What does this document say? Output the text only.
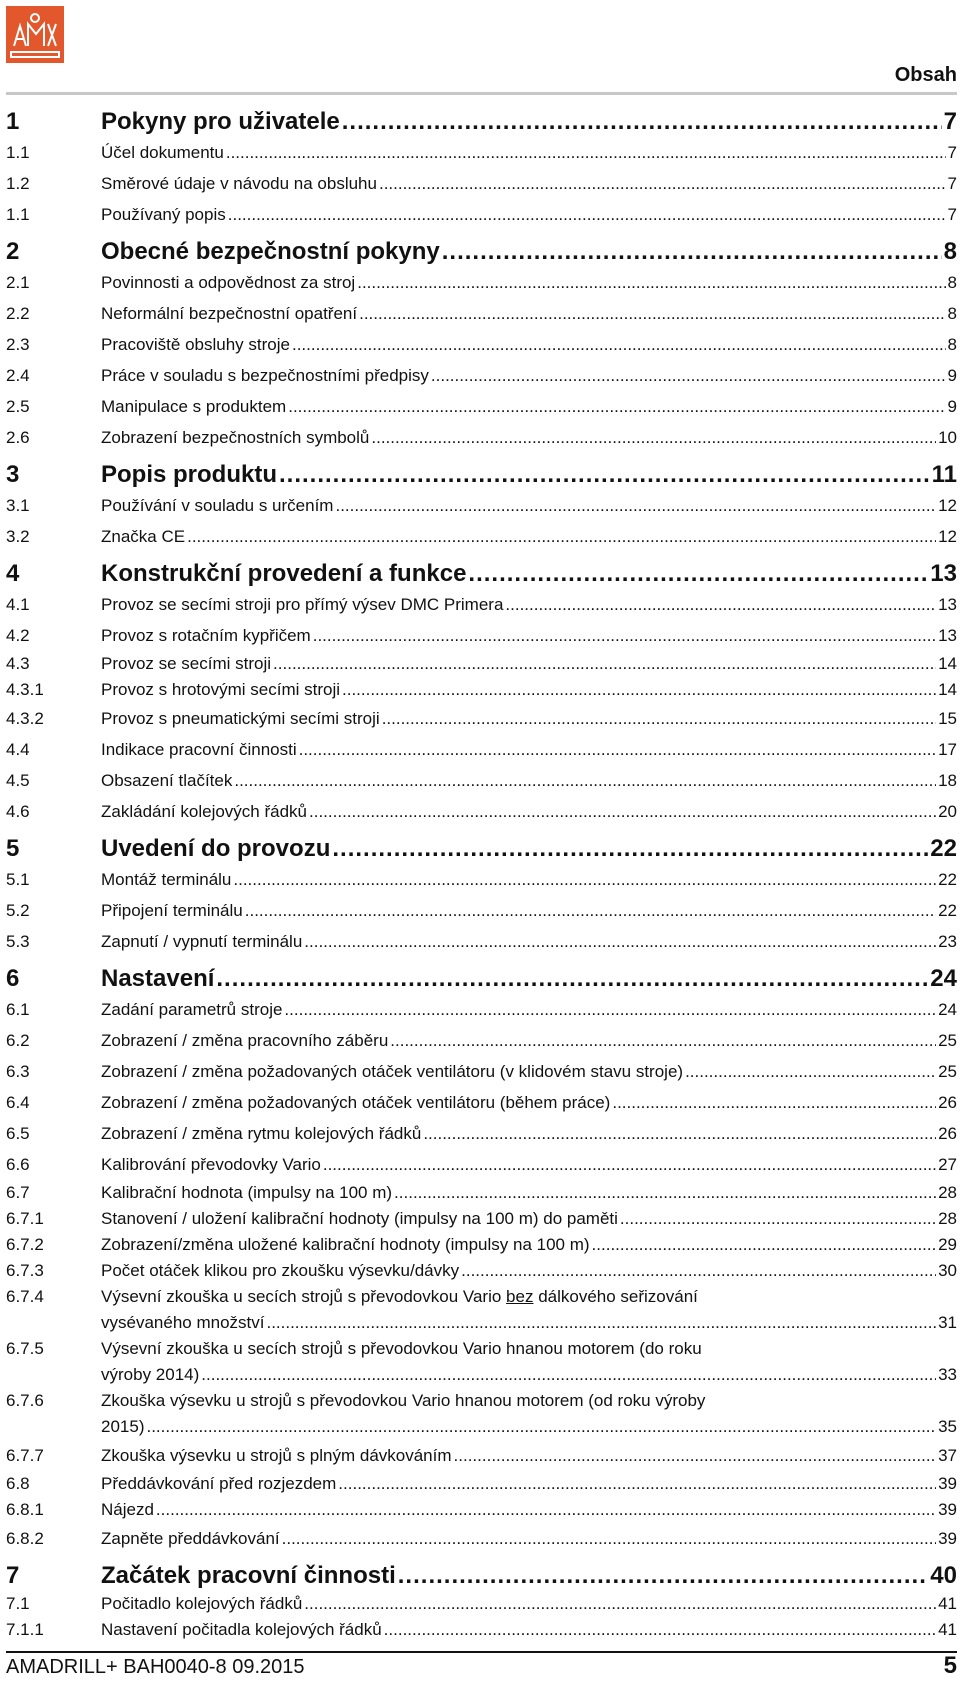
Obsah
1	Pokyny pro uživatele .....	7
1.1	Účel dokumentu .....	7
1.2	Směrové údaje v návodu na obsluhu .....	7
1.1	Používaný popis .....	7
2	Obecné bezpečnostní pokyny .....	8
2.1	Povinnosti a odpovědnost za stroj .....	8
2.2	Neformální bezpečnostní opatření .....	8
2.3	Pracoviště obsluhy stroje .....	8
2.4	Práce v souladu s bezpečnostními předpisy .....	9
2.5	Manipulace s produktem .....	9
2.6	Zobrazení bezpečnostních symbolů .....	10
3	Popis produktu .....	11
3.1	Používání v souladu s určením .....	12
3.2	Značka CE .....	12
4	Konstrukční provedení a funkce .....	13
4.1	Provoz se secími stroji pro přímý výsev DMC Primera .....	13
4.2	Provoz s rotačním kypřičem .....	13
4.3	Provoz se secími stroji .....	14
4.3.1	Provoz s hrotovými secími stroji .....	14
4.3.2	Provoz s pneumatickými secími stroji .....	15
4.4	Indikace pracovní činnosti .....	17
4.5	Obsazení tlačítek .....	18
4.6	Zakládání kolejových řádků .....	20
5	Uvedení do provozu .....	22
5.1	Montáž terminálu .....	22
5.2	Připojení terminálu .....	22
5.3	Zapnutí / vypnutí terminálu .....	23
6	Nastavení .....	24
6.1	Zadání parametrů stroje .....	24
6.2	Zobrazení / změna pracovního záběru .....	25
6.3	Zobrazení / změna požadovaných otáček ventilátoru (v klidovém stavu stroje) .....	25
6.4	Zobrazení / změna požadovaných otáček ventilátoru (během práce) .....	26
6.5	Zobrazení / změna rytmu kolejových řádků .....	26
6.6	Kalibrování převodovky Vario .....	27
6.7	Kalibrační hodnota (impulsy na 100 m) .....	28
6.7.1	Stanovení / uložení kalibrační hodnoty (impulsy na 100 m) do paměti .....	28
6.7.2	Zobrazení/změna uložené kalibrační hodnoty (impulsy na 100 m) .....	29
6.7.3	Počet otáček klikou pro zkoušku výsevku/dávky .....	30
6.7.4	Výsevní zkouška u secích strojů s převodovkou Vario bez dálkového seřizování
vysévaného množství .....	31
6.7.5	Výsevní zkouška u secích strojů s převodovkou Vario hnanou motorem (do roku
výroby 2014) .....	33
6.7.6	Zkouška výsevku u strojů s převodovkou Vario hnanou motorem (od roku výroby
2015) .....	35
6.7.7	Zkouška výsevku u strojů s plným dávkováním .....	37
6.8	Předdávkování před rozjezdem .....	39
6.8.1	Nájezd .....	39
6.8.2	Zapněte předdávkování .....	39
7	Začátek pracovní činnosti .....	40
7.1	Počitadlo kolejových řádků .....	41
7.1.1	Nastavení počitadla kolejových řádků .....	41
AMADRILL+ BAH0040-8 09.2015	5
